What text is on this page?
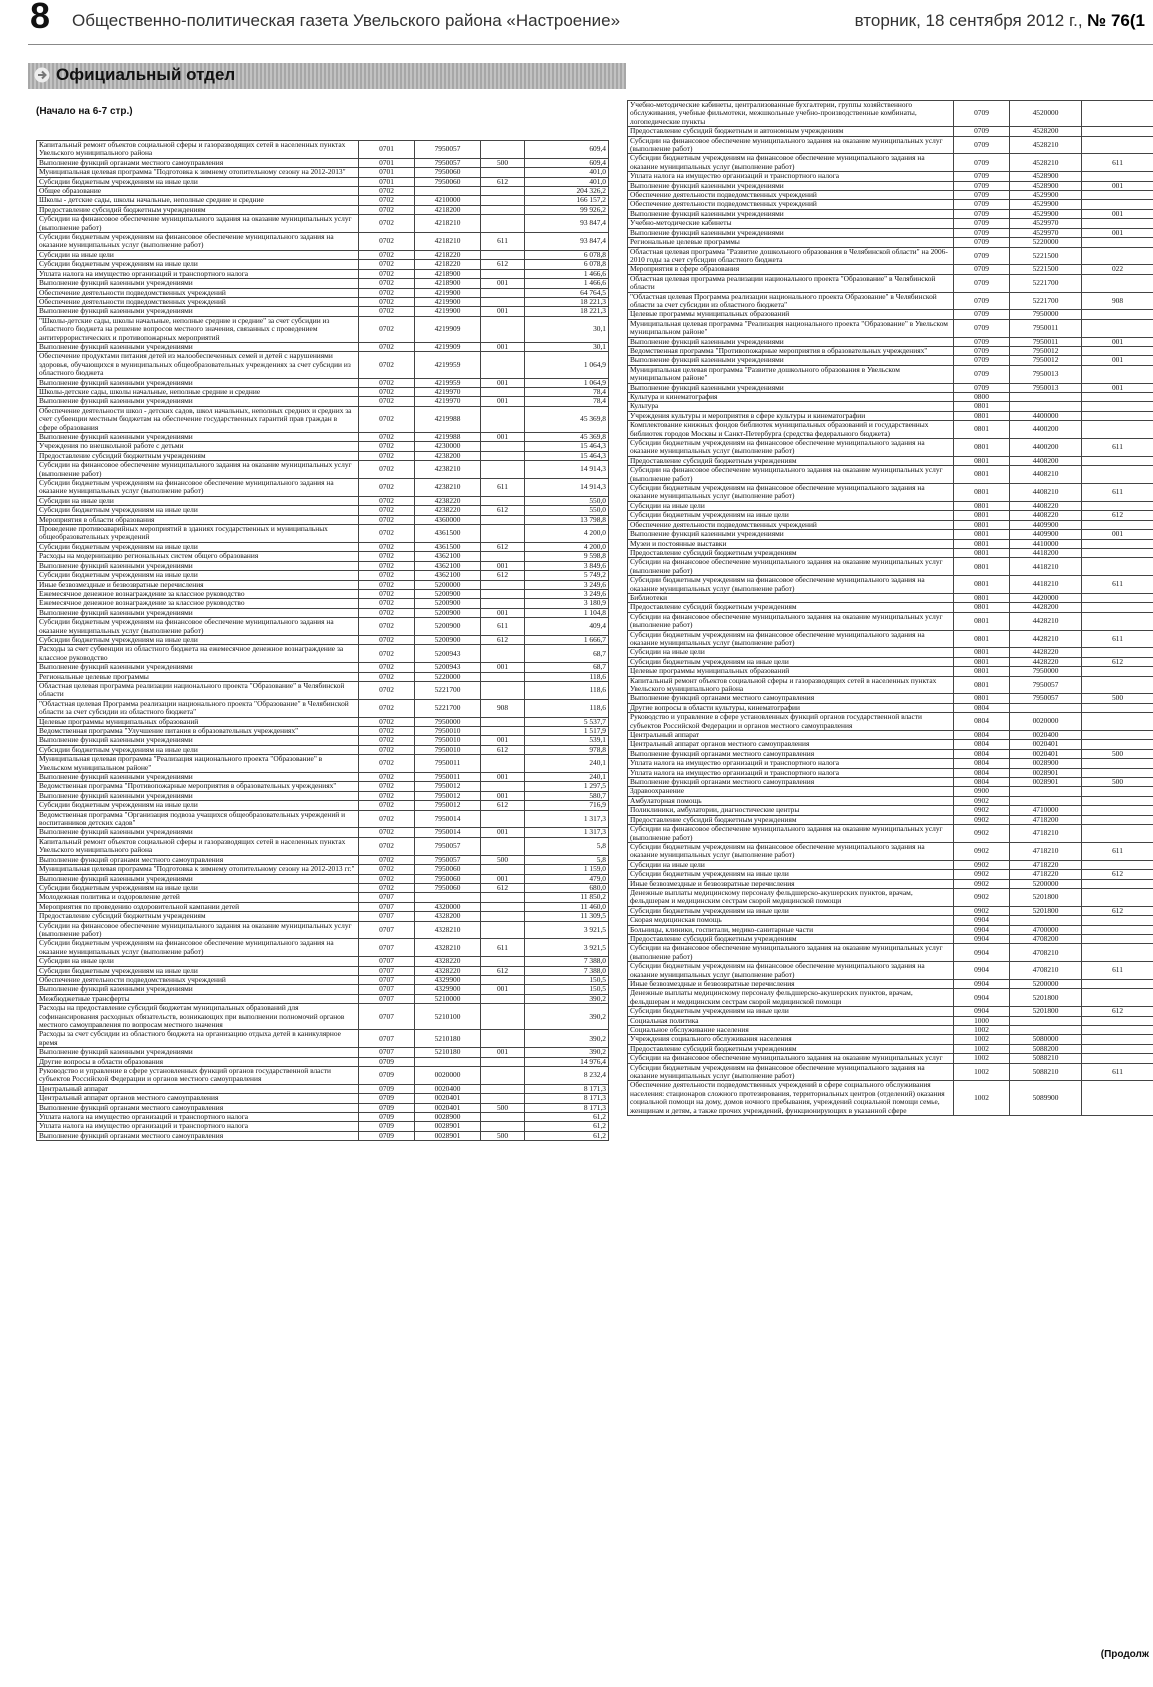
8 Общественно-политическая газета Увельского района «Настроение»	вторник, 18 сентября 2012 г., № 76(1
Официальный отдел
(Начало на 6-7 стр.)
Капитальный ремонт объектов социальной сферы и газоразводящих сетей в населенных пунктах Увельского муниципального района	0701	7950057		609,4
Выполнение функций органами местного самоуправления	0701	7950057	500	609,4
Муниципальная целевая программа "Подготовка к зимнему отопительному сезону на 2012-2013"	0701	7950060		401,0
Субсидии бюджетным учреждениям на иные цели	0701	7950060	612	401,0
Общее образование	0702			204 326,2
Школы - детские сады, школы начальные, неполные средние и средние	0702	4210000		166 157,2
Предоставление субсидий бюджетным учреждениям	0702	4218200		99 926,2
Субсидии на финансовое обеспечение муниципального задания на оказание муниципальных услуг (выполнение работ)	0702	4218210		93 847,4
Субсидии бюджетным учреждениям на финансовое обеспечение муниципального задания на оказание муниципальных услуг (выполнение работ)	0702	4218210	611	93 847,4
Субсидии на иные цели	0702	4218220		6 078,8
Субсидии бюджетным учреждениям на иные цели	0702	4218220	612	6 078,8
Уплата налога на имущество организаций и транспортного налога	0702	4218900		1 466,6
Выполнение функций казенными учреждениями	0702	4218900	001	1 466,6
Обеспечение деятельности подведомственных учреждений	0702	4219900		64 764,5
Обеспечение деятельности подведомственных учреждений	0702	4219900		18 221,3
Выполнение функций казенными учреждениями	0702	4219900	001	18 221,3
"Школы-детские сады, школы начальные, неполные средние и средние" за счет субсидии из областного бюджета на решение вопросов местного значения, связанных с проведением антитеррористических и противопожарных мероприятий	0702	4219909		30,1
Выполнение функций казенными учреждениями	0702	4219909	001	30,1
Обеспечение продуктами питания детей из малообеспеченных семей и детей с нарушениями здоровья, обучающихся в муниципальных общеобразовательных учреждениях за счет субсидии из областного бюджета	0702	4219959		1 064,9
Выполнение функций казенными учреждениями	0702	4219959	001	1 064,9
Школы-детские сады, школы начальные, неполные средние и средние	0702	4219970		78,4
Выполнение функций казенными учреждениями	0702	4219970	001	78,4
Обеспечение деятельности школ - детских садов, школ начальных, неполных средних и средних за счет субвенции местным бюджетам на обеспечение государственных гарантий прав граждан в сфере образования	0702	4219988		45 369,8
Выполнение функций казенными учреждениями	0702	4219988	001	45 369,8
Учреждения по внешкольной работе с детьми	0702	4230000		15 464,3
Предоставление субсидий бюджетным учреждениям	0702	4238200		15 464,3
Субсидии на финансовое обеспечение муниципального задания на оказание муниципальных услуг (выполнение работ)	0702	4238210		14 914,3
Субсидии бюджетным учреждениям на финансовое обеспечение муниципального задания на оказание муниципальных услуг (выполнение работ)	0702	4238210	611	14 914,3
Субсидии на иные цели	0702	4238220		550,0
Субсидии бюджетным учреждениям на иные цели	0702	4238220	612	550,0
Мероприятия в области образования	0702	4360000		13 798,8
Проведение противоаварийных мероприятий в зданиях государственных и муниципальных общеобразовательных учреждений	0702	4361500		4 200,0
Субсидии бюджетным учреждениям на иные цели	0702	4361500	612	4 200,0
Расходы на модернизацию региональных систем общего образования	0702	4362100		9 598,8
Выполнение функций казенными учреждениями	0702	4362100	001	3 849,6
Субсидии бюджетным учреждениям на иные цели	0702	4362100	612	5 749,2
Иные безвозмездные и безвозвратные перечисления	0702	5200000		3 249,6
Ежемесячное денежное вознаграждение за классное руководство	0702	5200900		3 249,6
Ежемесячное денежное вознаграждение за классное руководство	0702	5200900		3 180,9
Выполнение функций казенными учреждениями	0702	5200900	001	1 104,8
Субсидии бюджетным учреждениям на финансовое обеспечение муниципального задания на оказание муниципальных услуг (выполнение работ)	0702	5200900	611	409,4
Субсидии бюджетным учреждениям на иные цели	0702	5200900	612	1 666,7
Расходы за счет субвенции из областного бюджета на ежемесячное денежное вознаграждение за классное руководство	0702	5200943		68,7
Выполнение функций казенными учреждениями	0702	5200943	001	68,7
Региональные целевые программы	0702	5220000		118,6
Областная целевая программа реализации национального проекта "Образование" в Челябинской области	0702	5221700		118,6
"Областная целевая Программа реализации национального проекта "Образование" в Челябинской области за счет субсидии из областного бюджета"	0702	5221700	908	118,6
Целевые программы муниципальных образований	0702	7950000		5 537,7
Ведомственная программа "Улучшение питания в образовательных учреждениях"	0702	7950010		1 517,9
Выполнение функций казенными учреждениями	0702	7950010	001	539,1
Субсидии бюджетным учреждениям на иные цели	0702	7950010	612	978,8
Муниципальная целевая программа "Реализация национального проекта "Образование" в Увельском муниципальном районе"	0702	7950011		240,1
Выполнение функций казенными учреждениями	0702	7950011	001	240,1
Ведомственная программа "Противопожарные мероприятия в образовательных учреждениях"	0702	7950012		1 297,5
Выполнение функций казенными учреждениями	0702	7950012	001	580,7
Субсидии бюджетным учреждениям на иные цели	0702	7950012	612	716,9
Ведомственная программа "Организация подвоза учащихся общеобразовательных учреждений и воспитанников детских садов"	0702	7950014		1 317,3
Выполнение функций казенными учреждениями	0702	7950014	001	1 317,3
Капитальный ремонт объектов социальной сферы и газоразводящих сетей в населенных пунктах Увельского муниципального района	0702	7950057		5,8
Выполнение функций органами местного самоуправления	0702	7950057	500	5,8
Муниципальная целевая программа "Подготовка к зимнему отопительному сезону на 2012-2013 гг."	0702	7950060		1 159,0
Выполнение функций казенными учреждениями	0702	7950060	001	479,0
Субсидии бюджетным учреждениям на иные цели	0702	7950060	612	680,0
Молодежная политика и оздоровление детей	0707			11 850,2
Мероприятия по проведению оздоровительной кампании детей	0707	4320000		11 460,0
Предоставление субсидий бюджетным учреждениям	0707	4328200		11 309,5
Субсидии на финансовое обеспечение муниципального задания на оказание муниципальных услуг (выполнение работ)	0707	4328210		3 921,5
Субсидии бюджетным учреждениям на финансовое обеспечение муниципального задания на оказание муниципальных услуг (выполнение работ)	0707	4328210	611	3 921,5
Субсидии на иные цели	0707	4328220		7 388,0
Субсидии бюджетным учреждениям на иные цели	0707	4328220	612	7 388,0
Обеспечение деятельности подведомственных учреждений	0707	4329900		150,5
Выполнение функций казенными учреждениями	0707	4329900	001	150,5
Межбюджетные трансферты	0707	5210000		390,2
Расходы на предоставление субсидий бюджетам муниципальных образований для софинансирования расходных обязательств, возникающих при выполнении полномочий органов местного самоуправления по вопросам местного значения	0707	5210100		390,2
Расходы за счет субсидии из областного бюджета на организацию отдыха детей в каникулярное время	0707	5210180		390,2
Выполнение функций казенными учреждениями	0707	5210180	001	390,2
Другие вопросы в области образования	0709			14 976,4
Руководство и управление в сфере установленных функций органов государственной власти субъектов Российской Федерации и органов местного самоуправления	0709	0020000		8 232,4
Центральный аппарат	0709	0020400		8 171,3
Центральный аппарат органов местного самоуправления	0709	0020401		8 171,3
Выполнение функций органами местного самоуправления	0709	0020401	500	8 171,3
Уплата налога на имущество организаций и транспортного налога	0709	0028900		61,2
Уплата налога на имущество организаций и транспортного налога	0709	0028901		61,2
Выполнение функций органами местного самоуправления	0709	0028901	500	61,2
Учебно-методические кабинеты, централизованные бухгалтерии, группы хозяйственного обслуживания, учебные фильмотеки, межшкольные учебно-производственные комбинаты, логопедические пункты	0709	4520000	
Предоставление субсидий бюджетным и автономным учреждениям	0709	4528200	
Субсидии на финансовое обеспечение муниципального задания на оказание муниципальных услуг (выполнение работ)	0709	4528210	
Субсидии бюджетным учреждениям на финансовое обеспечение муниципального задания на оказание муниципальных услуг (выполнение работ)	0709	4528210	611
Уплата налога на имущество организаций и транспортного налога	0709	4528900	
Выполнение функций казенными учреждениями	0709	4528900	001
Обеспечение деятельности подведомственных учреждений	0709	4529900	
Обеспечение деятельности подведомственных учреждений	0709	4529900	
Выполнение функций казенными учреждениями	0709	4529900	001
Учебно-методические кабинеты	0709	4529970	
Выполнение функций казенными учреждениями	0709	4529970	001
Региональные целевые программы	0709	5220000	
Областная целевая программа "Развитие дошкольного образования в Челябинской области" на 2006-2010 годы за счет субсидии областного бюджета	0709	5221500	
Мероприятия в сфере образования	0709	5221500	022
Областная целевая программа реализации национального проекта "Образование" в Челябинской области	0709	5221700	
"Областная целевая Программа реализации национального проекта Образование" в Челябинской области за счет субсидии из областного бюджета"	0709	5221700	908
Целевые программы муниципальных образований	0709	7950000	
Муниципальная целевая программа "Реализация национального проекта "Образование" в Увельском муниципальном районе"	0709	7950011	
Выполнение функций казенными учреждениями	0709	7950011	001
Ведомственная программа "Противопожарные мероприятия в образовательных учреждениях"	0709	7950012	
Выполнение функций казенными учреждениями	0709	7950012	001
Муниципальная целевая программа "Развитие дошкольного образования в Увельском муниципальном районе"	0709	7950013	
Выполнение функций казенными учреждениями	0709	7950013	001
Культура и кинематография	0800		
Культура	0801		
Учреждения культуры и мероприятия в сфере культуры и кинематографии	0801	4400000	
Комплектование книжных фондов библиотек муниципальных образований и государственных библиотек городов Москвы и Санкт-Петербурга (средства федерального бюджета)	0801	4400200	
Субсидии бюджетным учреждениям на финансовое обеспечение муниципального задания на оказание муниципальных услуг (выполнение работ)	0801	4400200	611
Предоставление субсидий бюджетным учреждениям	0801	4408200	
Субсидии на финансовое обеспечение муниципального задания на оказание муниципальных услуг (выполнение работ)	0801	4408210	
Субсидии бюджетным учреждениям на финансовое обеспечение муниципального задания на оказание муниципальных услуг (выполнение работ)	0801	4408210	611
Субсидии на иные цели	0801	4408220	
Субсидии бюджетным учреждениям на иные цели	0801	4408220	612
Обеспечение деятельности подведомственных учреждений	0801	4409900	
Выполнение функций казенными учреждениями	0801	4409900	001
Музеи и постоянные выставки	0801	4410000	
Предоставление субсидий бюджетным учреждениям	0801	4418200	
Субсидии на финансовое обеспечение муниципального задания на оказание муниципальных услуг (выполнение работ)	0801	4418210	
Субсидии бюджетным учреждениям на финансовое обеспечение муниципального задания на оказание муниципальных услуг (выполнение работ)	0801	4418210	611
Библиотеки	0801	4420000	
Предоставление субсидий бюджетным учреждениям	0801	4428200	
Субсидии на финансовое обеспечение муниципального задания на оказание муниципальных услуг (выполнение работ)	0801	4428210	
Субсидии бюджетным учреждениям на финансовое обеспечение муниципального задания на оказание муниципальных услуг (выполнение работ)	0801	4428210	611
Субсидии на иные цели	0801	4428220	
Субсидии бюджетным учреждениям на иные цели	0801	4428220	612
Целевые программы муниципальных образований	0801	7950000	
Капитальный ремонт объектов социальной сферы и газоразводящих сетей в населенных пунктах Увельского муниципального района	0801	7950057	
Выполнение функций органами местного самоуправления	0801	7950057	500
Другие вопросы в области культуры, кинематографии	0804		
Руководство и управление в сфере установленных функций органов государственной власти субъектов Российской Федерации и органов местного самоуправления	0804	0020000	
Центральный аппарат	0804	0020400	
Центральный аппарат органов местного самоуправления	0804	0020401	
Выполнение функций органами местного самоуправления	0804	0020401	500
Уплата налога на имущество организаций и транспортного налога	0804	0028900	
Уплата налога на имущество организаций и транспортного налога	0804	0028901	
Выполнение функций органами местного самоуправления	0804	0028901	500
Здравоохранение	0900		
Амбулаторная помощь	0902		
Поликлиники, амбулатории, диагностические центры	0902	4710000	
Предоставление субсидий бюджетным учреждениям	0902	4718200	
Субсидии на финансовое обеспечение муниципального задания на оказание муниципальных услуг (выполнение работ)	0902	4718210	
Субсидии бюджетным учреждениям на финансовое обеспечение муниципального задания на оказание муниципальных услуг (выполнение работ)	0902	4718210	611
Субсидии на иные цели	0902	4718220	
Субсидии бюджетным учреждениям на иные цели	0902	4718220	612
Иные безвозмездные и безвозвратные перечисления	0902	5200000	
Денежные выплаты медицинскому персоналу фельдшерско-акушерских пунктов, врачам, фельдшерам и медицинским сестрам скорой медицинской помощи	0902	5201800	
Субсидии бюджетным учреждениям на иные цели	0902	5201800	612
Скорая медицинская помощь	0904		
Больницы, клиники, госпитали, медико-санитарные части	0904	4700000	
Предоставление субсидий бюджетным учреждениям	0904	4708200	
Субсидии на финансовое обеспечение муниципального задания на оказание муниципальных услуг (выполнение работ)	0904	4708210	
Субсидии бюджетным учреждениям на финансовое обеспечение муниципального задания на оказание муниципальных услуг (выполнение работ)	0904	4708210	611
Иные безвозмездные и безвозвратные перечисления	0904	5200000	
Денежные выплаты медицинскому персоналу фельдшерско-акушерских пунктов, врачам, фельдшерам и медицинским сестрам скорой медицинской помощи	0904	5201800	
Субсидии бюджетным учреждениям на иные цели	0904	5201800	612
Социальная политика	1000		
Социальное обслуживание населения	1002		
Учреждения социального обслуживания населения	1002	5080000	
Предоставление субсидий бюджетным учреждениям	1002	5088200	
Субсидии на финансовое обеспечение муниципального задания на оказание муниципальных услуг	1002	5088210	
Субсидии бюджетным учреждениям на финансовое обеспечение муниципального задания на оказание муниципальных услуг (выполнение работ)	1002	5088210	611
Обеспечение деятельности подведомственных учреждений в сфере социального обслуживания населения: стационаров сложного протезирования, территориальных центров (отделений) оказания социальной помощи на дому, домов ночного пребывания, учреждений социальной помощи семье, женщинам и детям, а также прочих учреждений, функционирующих в указанной сфере	1002	5089900	
(Продолж
